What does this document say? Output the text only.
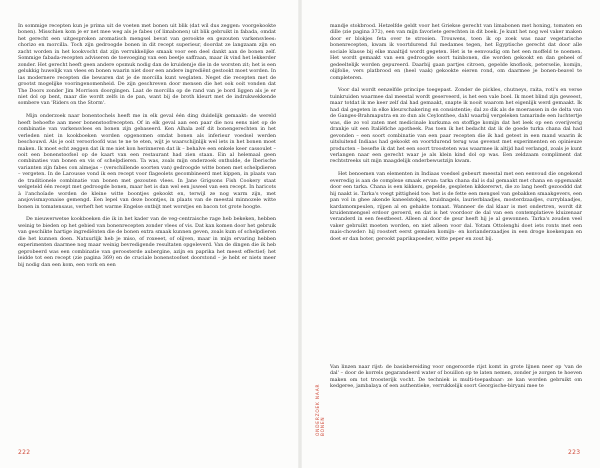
In sommige recepten kun je prima uit de voeten met bonen uit blik (dat wil dus zeggen: voorgekookte bonen). Misschien kom je er net mee weg als je fabes (of limabonen) uit blik gebruikt in fabada, omdat het gerecht een uitgesproken aromatisch mengsel bevat van gerookte en gezouten varkensvlees: chorizo en morcilla. Toch zijn gedroogde bonen in dit recept superieur, doordat ze langzaam zijn en zacht worden in het kookvocht dat zijn verrukkelijke smaak voor een deel dankt aan de bonen zelf. Sommige fabada-recepten adviseren de toevoeging van een beetje saffraan, maar ik vind het lekkerder zonder. Het gerecht heeft geen andere opsmuk nodig dan de kruiden(je die in de worsten zit; het is een gelukkig huwelijk van vlees en bonen waarin niet door een andere ingrediënt gestookt moet worden. In las modernere recepten die bewaren dat je de morcilla kunt weglaten. Neget die recepten met de grootst mogelijke vooringenomenheid. De zijn geschreven door mensen die het ook ooit vonden dat The Doors zonder Jim Morrison doorgingen. Laat de morcilla op de rand van je bord liggen als je er niet dol op bent, maar die wordt zelfs in de pan, want bij de broth kleurt met de indrukwekkende sombere van 'Riders on the Storm'.

Mijn onderzoek naar bonentochels heeft me in elk geval één ding duidelijk gemaakt: de wereld heeft behoefte aan meer bonenstoofrecepten. Of in elk geval aan een paar die nou eens niet op de combinatie van varkensvlees en bonen zijn gebaseerd. Ken Alhala zelf dit bonengerechten in het verleden niet in kookboeken worden opgenomen omdat bonen als inferieur voedsel werden beschouwd. Als je ooit veroorloofd was te ne te eten, wijt je waarschijnlijk wel iets in het bonen moet maken. Ik moet echt zeggen dat ik me niet kon herinneren dat ik – behalve een enkele keer cassoulet – ooit een bonenstoofsel op de kaart van een restaurant had zien staan. Ein al helemaal geen combinaties van bonen en vis of schelpdieren. Ta was, zoals mijn onderzoek onthulde, de Iberische varianten zijn fabes con almejas – (verschillende soorten van) gedroogde witte bonen met schelpdieren – vergeten. In de Larousse vond ik een recept voor flageolets gecombineerd met kippen, in plaats van de traditionele combinatie van bonen met gezouten vlees. In Jane Grigsons Fish Cookery staat welgeteld één recept met gedroogde bonen, maar het is dan wel een juweel van een recept. In haricots à l'anchoïade worden de kleine witte boontjes gekookt en, terwijl ze nog warm zijn, met ansjovismayonaise gemengd. Een lepel van deze boontjes, in plaats van de meestal minnozele witte bonen in tomatensaus, verheft het warme Engelse ontbijt met worstjes en bacon tot grote hoogte.

De nieuwerwetse kookboeken die ik in het kader van de veg-centraische rage heb bekeken, hebben weinig te bieden op het gebied van bonenrecepten zonder vlees of vis. Dat kan komen door het gebruik van geschikte hartige ingrediënten die de bonen extra smaak kunnen geven, zoals kum of schelpdieren die het kunnen doen. Natuurlijk heb je miso, of roxeeet, of olijven, maar in mijn ervaring hebben experimenten daarmee nog maar weinig bevredigende resultaten opgeleverd. Van de dingen die ik heb geprobeerd was een combinatie van geroosterde aubergine, azijn en paprika het meest effectief; het leidde tot een recept (zie pagina 369) en de cruciale bonenstoofset doorstond – je hebt er niets meer bij nodig dan een kom, een vork en een

222

mandje stokbrood. Hetzelfde geldt voor het Griekse gerecht van limabonen met honing, tomaten en dille (zie pagina 372), een van mijn favoriete gerechten in dit boek. Je kunt het nog wel vaker maken door er blokjes feta over te strooien. Trouwens, toen ik op zoek was naar vegetarische bonenrecepten, kwam ik voortdurend ful medames tegen, het Egyptische gerecht dat door alle sociale klasse bij elke maaltijd wordt gegeten. Het is te eenvoudig om het een moffeld te noemen. Het wordt gemaakt van een gedroogde soort tuinbonen, die worden gekookt en dan geheel of gedeeltelijk worden gepureerd. Daarbij gaan partjes citroen, gepelde knoflook, peterselie, komijn, olijfolie, vers platbrood en (heel vaak) gekookte eieren rond, om daarmee je bonen-beavel te completeren.

Voor dal wordt eenzelfde principe toegepast. Zonder de pickles, chutneys, raita, roti's en verse tuinkruiden waarmee dal meestal wordt geserveerd, is het een vale boel. Ik moet blind zijn geweest, maar totdat ik me keer zelf dal had gemaakt, snapte ik nooit waarom het eigenlijk werd gemaakt. Ik had dal gegeten in elke kleurschakering en consistentie; dal zo dik als de moerassen in de delta van de Ganges-Brahmaputra en zo dun als Ceylonthee, dahl waarbij vergeleken tamarinde een luchtertje was, die zo vol zaten met medicinale kurkuma en stoffige komijn dat het leek op een overijverig drankje uit een Italiëfiche apotheek. Pas toen ik het bedacht dat ik de goede turka chana dal had gevonden – een soort combinatie van een paar recepten die ik had getest in een mand waarin ik uitsluitend Indiaas had gekookt en voortdurend terug was gevenst met experimenten en opinieuze producten – besefte ik dat het een soort troosteten was waarmee ik altijd had verlangd, zoals je kunt verlangen naar een gerecht waar je als klein kind dol op was. Een zeldzaam compliment dat rechtstreeks uit mijn maagdelijk onderbewustzijn kwam.

Het benoemen van elementen in Indiaas voedsel gebeurt meestal met een eenvoud die ongekend everredig is aan de complexe smaak ervan: tarka chana dal is dal gemaakt met chana en opgemaakt door een tarka. Chana is een kikkers, gepelde, gespleten kikkererwt, die zo lang heeft gezooddd dat hij naakt is. Tarka's voegt pittigheid toe: het is de fette een mengsel van gebakken smaakgevers, een pan vol in ghee akende kaneelstokjes, kruidnagels, laurierblaadjes, mosterdzaadjes, curryblaadjes, kardamompeulen, rijpen al en gehakte tomaat. Wanneer de dal klaar is met ondertren, wordt dit kruidenmengsel erdoor geroerd, en dat is het voordoor de dal van een contemplatieve kluizenaar veranderd in een feestbeest. Alleen al door de geur heeft hij je al gewonnen. Tarka's zouden veel vaker gebruikt moeten worden, en niet alleen voor dal. Yotam Ottolenghi doet iets ronts met een mais-chowder: hij roostert eerst gemalen komijn- en korianderzaadjes in een droge koekenpan en doet er dan boter, gerookt paprikapoeder, witte peper en zout bij.

ONDERZOEK NAAR BONEN
Van linzen naar rijst: de basisbereiding voor ongeroorde rijst komt in grote lijnen neer op 'van de dal' – door de korrels gegarandeerd water of bouillon op te laten nemen, zonder je zorgen te hoeven maken om tot troosterijk vocht. De techniek is multi-toepasbaar: ze kan worden gebruikt om kedgeree, jambalaya of een authentieke, verrukkelijk soort Georgische-biryani mee te
223
